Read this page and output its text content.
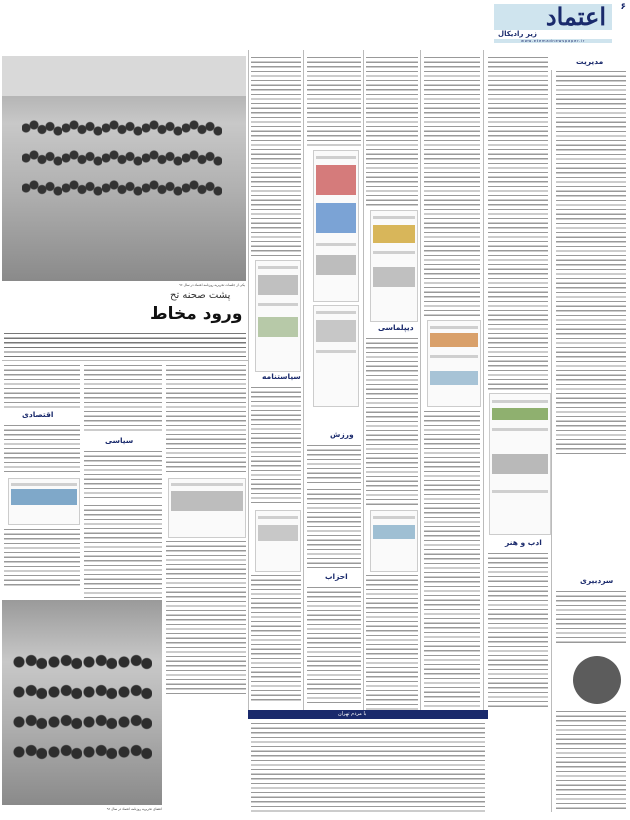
۶
اعتماد
زیر رادیکال
www.etemadnewspaper.ir
مدیریت
سردبیری
ادب و هنر
دیپلماسی
ورزش
احزاب
سیاستنامه
با مردم تهران
یکی از جلسات تحریریه روزنامه اعتماد در سال ۹۶
پشت صحنه تح
ورود مخاط
سیاسی
اقتصادی
اعضای تحریریه روزنامه اعتماد در سال ۹۶
